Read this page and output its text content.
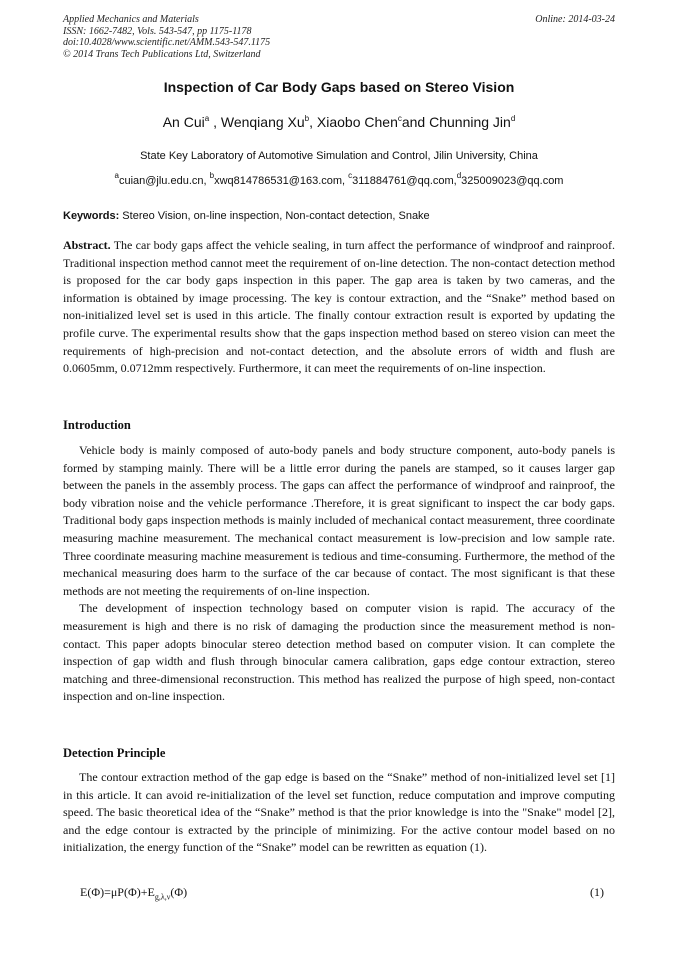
Applied Mechanics and Materials
ISSN: 1662-7482, Vols. 543-547, pp 1175-1178
doi:10.4028/www.scientific.net/AMM.543-547.1175
© 2014 Trans Tech Publications Ltd, Switzerland
Online: 2014-03-24
Inspection of Car Body Gaps based on Stereo Vision
An Cui$^a$ , Wenqiang Xu$^b$, Xiaobo Chen$^c$and Chunning Jin$^d$
State Key Laboratory of Automotive Simulation and Control, Jilin University, China
$^a$cuian@jlu.edu.cn, $^b$xwq814786531@163.com, $^c$311884761@qq.com,$^d$325009023@qq.com
Keywords: Stereo Vision, on-line inspection, Non-contact detection, Snake

Abstract. The car body gaps affect the vehicle sealing, in turn affect the performance of windproof and rainproof. Traditional inspection method cannot meet the requirement of on-line detection. The non-contact detection method is proposed for the car body gaps inspection in this paper. The gap area is taken by two cameras, and the information is obtained by image processing. The key is contour extraction, and the “Snake” method based on non-initialized level set is used in this article. The finally contour extraction result is exported by updating the profile curve. The experimental results show that the gaps inspection method based on stereo vision can meet the requirements of high-precision and not-contact detection, and the absolute errors of width and flush are 0.0605mm, 0.0712mm respectively. Furthermore, it can meet the requirements of on-line inspection.

Introduction

Vehicle body is mainly composed of auto-body panels and body structure component, auto-body panels is formed by stamping mainly. There will be a little error during the panels are stamped, so it causes larger gap between the panels in the assembly process. The gaps can affect the performance of windproof and rainproof, the body vibration noise and the vehicle performance .Therefore, it is great significant to inspect the car body gaps. Traditional body gaps inspection methods is mainly included of mechanical contact measurement, three coordinate measuring machine measurement. The mechanical contact measurement is low-precision and low sample rate. Three coordinate measuring machine measurement is tedious and time-consuming. Furthermore, the method of the mechanical measuring does harm to the surface of the car because of contact. The most significant is that these methods are not meeting the requirements of on-line inspection.

The development of inspection technology based on computer vision is rapid. The accuracy of the measurement is high and there is no risk of damaging the production since the measurement method is non-contact. This paper adopts binocular stereo detection method based on computer vision. It can complete the inspection of gap width and flush through binocular camera calibration, gaps edge contour extraction, stereo matching and three-dimensional reconstruction. This method has realized the purpose of high speed, non-contact inspection and on-line inspection.

Detection Principle

The contour extraction method of the gap edge is based on the “Snake” method of non-initialized level set [1] in this article. It can avoid re-initialization of the level set function, reduce computation and improve computing speed. The basic theoretical idea of the “Snake” method is that the prior knowledge is into the "Snake" model [2], and the edge contour is extracted by the principle of minimizing. For the active contour model based on no initialization, the energy function of the “Snake” model can be rewritten as equation (1).

$E(\Phi)=\mu P(\Phi)+E_{g,\lambda,\nu}(\Phi)$	(1)
